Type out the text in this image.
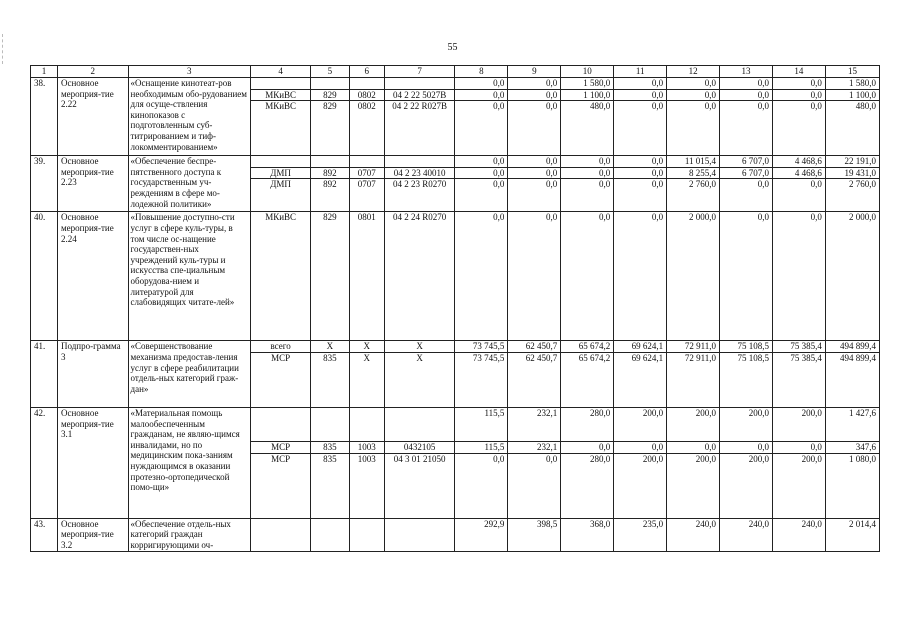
55
1	2	3	4	5	6	7	8	9	10	11	12	13	14	15
38.	Основное мероприя-тие 2.22	«Оснащение кинотеат-ров необходимым обо-рудованием для осуще-ствления кинопоказов с подготовленным суб-титрированием и тиф-локомментированием»					0,0	0,0	1 580,0	0,0	0,0	0,0	0,0	1 580,0
			МКиВС	829	0802	04 2 22 5027В	0,0	0,0	1 100,0	0,0	0,0	0,0	0,0	1 100,0
			МКиВС	829	0802	04 2 22 R027В	0,0	0,0	480,0	0,0	0,0	0,0	0,0	480,0
39.	Основное мероприя-тие 2.23	«Обеспечение беспре-пятственного доступа к государственным уч-реждениям в сфере мо-лодежной политики»					0,0	0,0	0,0	0,0	11 015,4	6 707,0	4 468,6	22 191,0
			ДМП	892	0707	04 2 23 40010	0,0	0,0	0,0	0,0	8 255,4	6 707,0	4 468,6	19 431,0
			ДМП	892	0707	04 2 23 R0270	0,0	0,0	0,0	0,0	2 760,0	0,0	0,0	2 760,0
40.	Основное мероприя-тие 2.24	«Повышение доступно-сти услуг в сфере куль-туры, в том числе ос-нащение государствен-ных учреждений куль-туры и искусства спе-циальным оборудова-нием и литературой для слабовидящих читате-лей»	МКиВС	829	0801	04 2 24 R0270	0,0	0,0	0,0	0,0	2 000,0	0,0	0,0	2 000,0
41.	Подпро-грамма 3	«Совершенствование механизма предостав-ления услуг в сфере реабилитации отдель-ных категорий граж-дан»	всего	Х	Х	Х	73 745,5	62 450,7	65 674,2	69 624,1	72 911,0	75 108,5	75 385,4	494 899,4
			МСР	835	Х	Х	73 745,5	62 450,7	65 674,2	69 624,1	72 911,0	75 108,5	75 385,4	494 899,4
42.	Основное мероприя-тие 3.1	«Материальная помощь малообеспеченным гражданам, не являю-щимся инвалидами, но по медицинским пока-заниям нуждающимся в оказании протезно-ортопедической помо-щи»					115,5	232,1	280,0	200,0	200,0	200,0	200,0	1 427,6
			МСР	835	1003	0432105	115,5	232,1	0,0	0,0	0,0	0,0	0,0	347,6
			МСР	835	1003	04 3 01 21050	0,0	0,0	280,0	200,0	200,0	200,0	200,0	1 080,0
43.	Основное мероприя-тие 3.2	«Обеспечение отдель-ных категорий граждан корригирующими оч-					292,9	398,5	368,0	235,0	240,0	240,0	240,0	2 014,4
